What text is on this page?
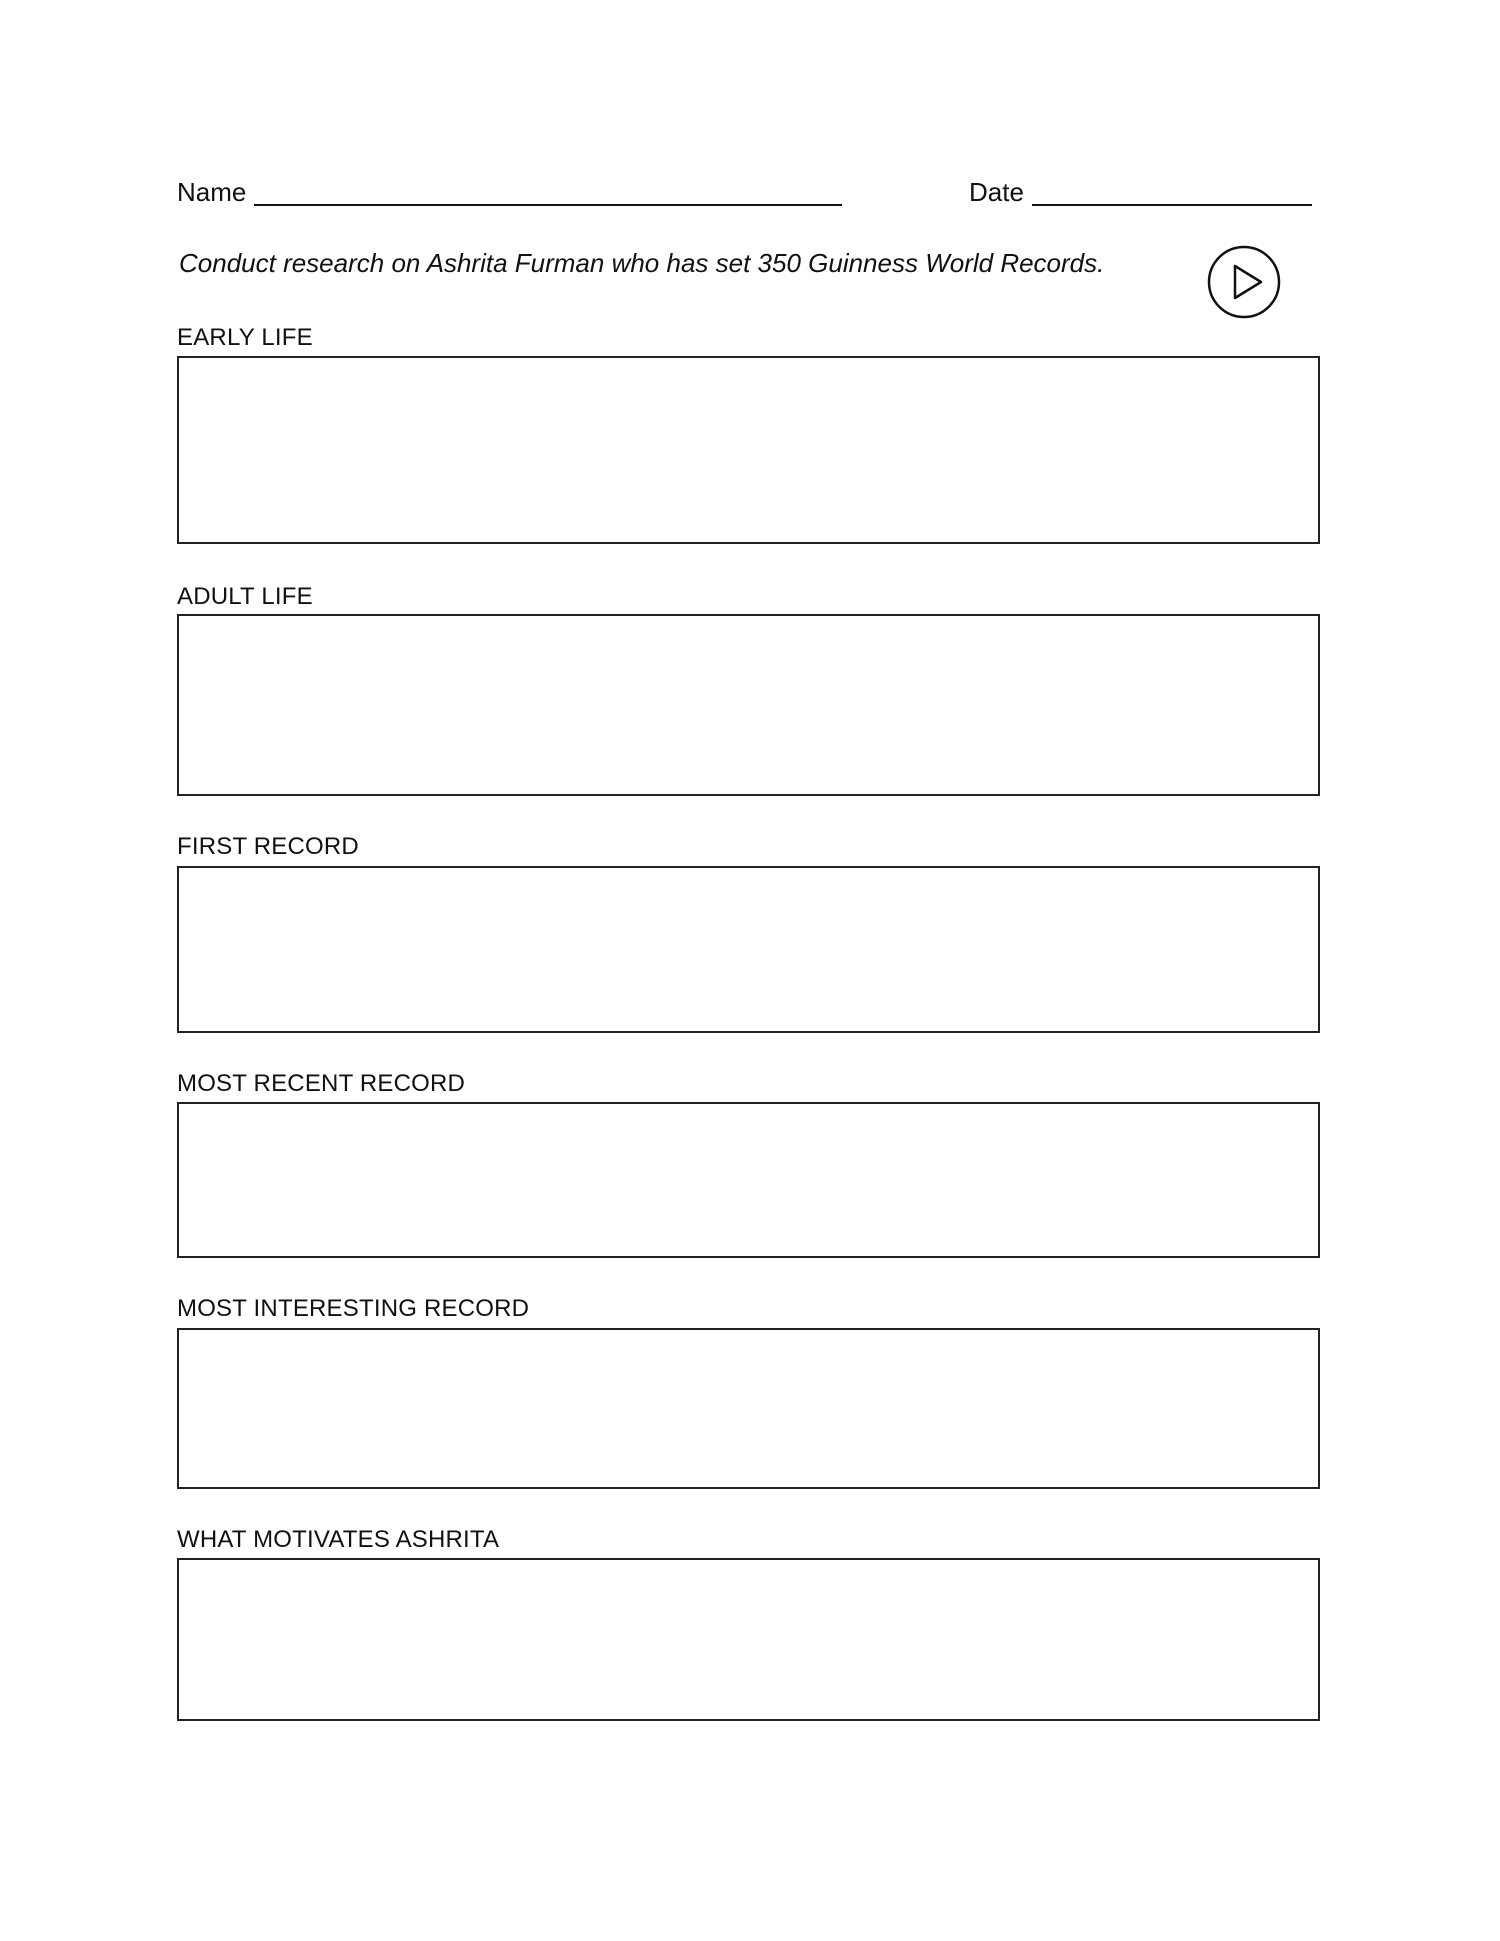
Name	Date
Conduct research on Ashrita Furman who has set 350 Guinness World Records.
EARLY LIFE
ADULT LIFE
FIRST RECORD
MOST RECENT RECORD
MOST INTERESTING RECORD
WHAT MOTIVATES ASHRITA
